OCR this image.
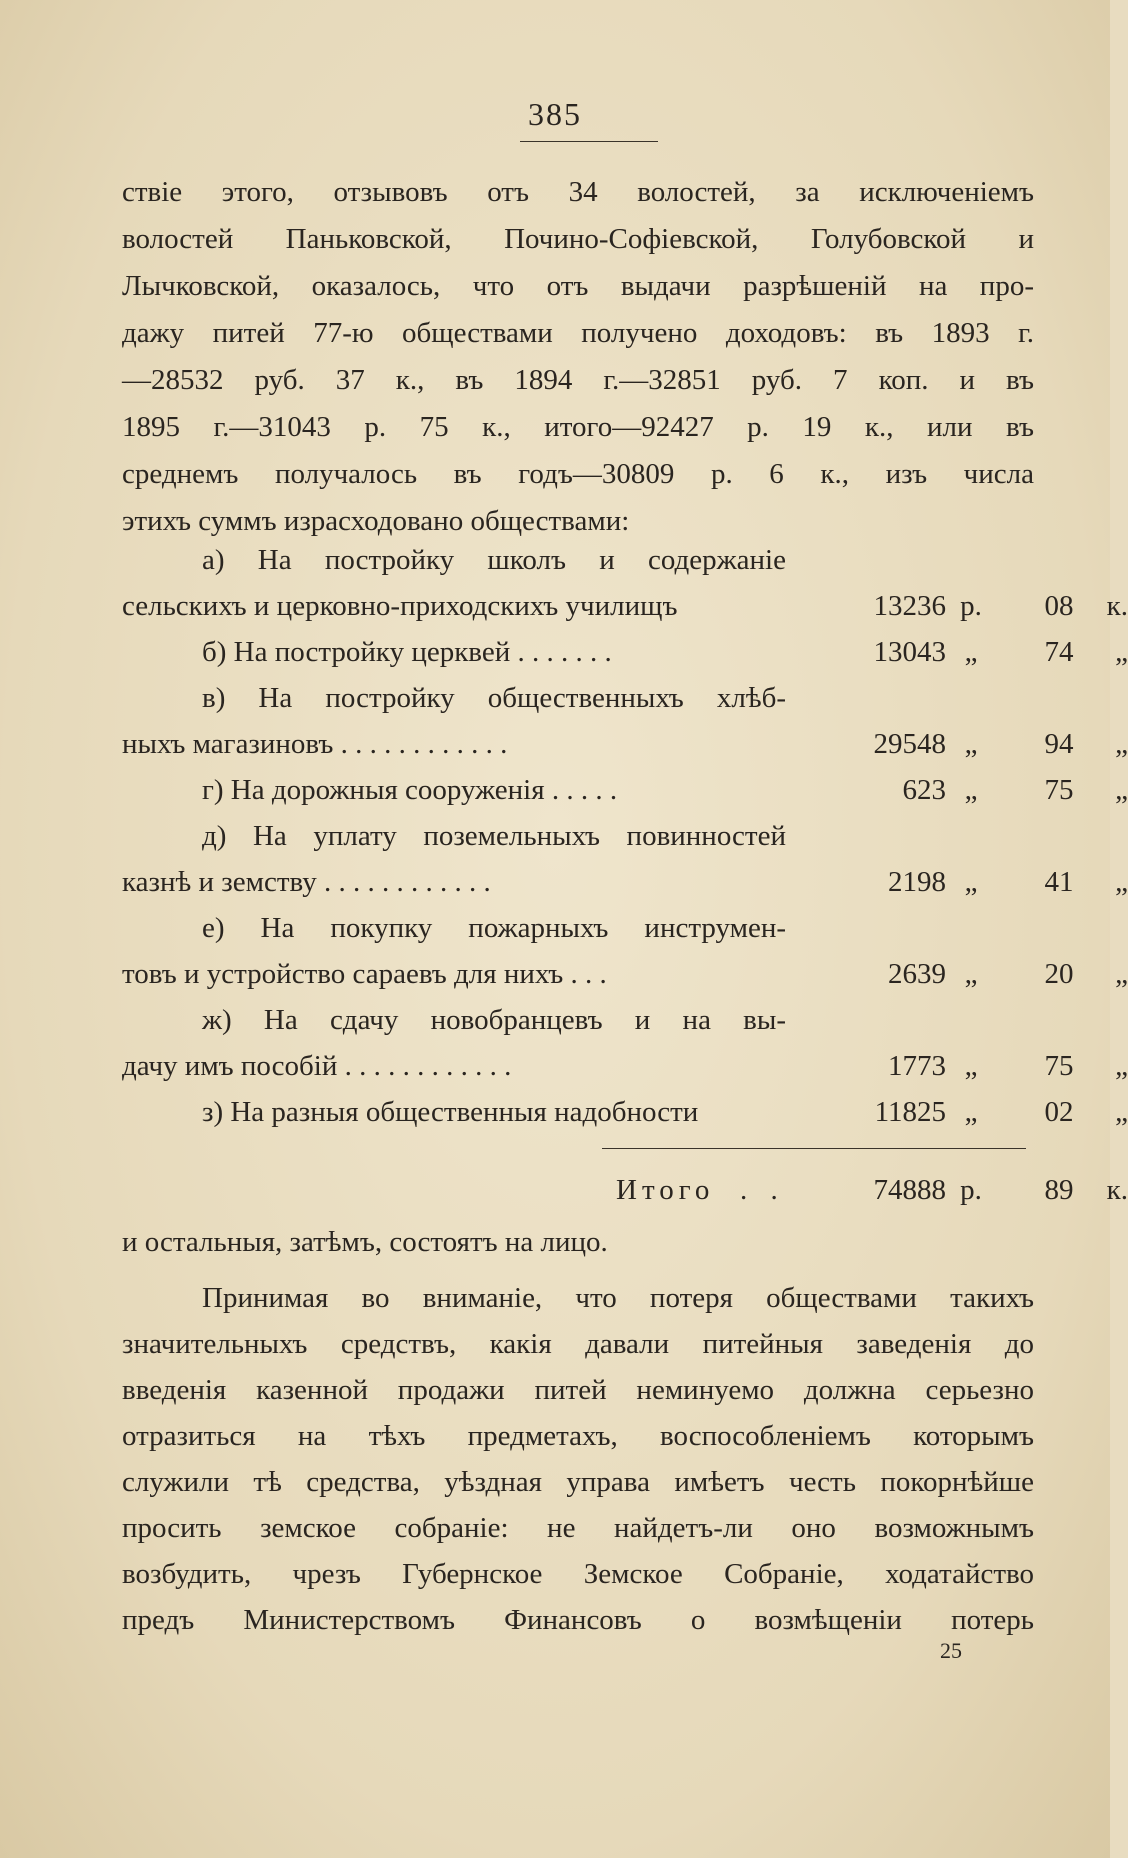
385
ствіе этого, отзывовъ отъ 34 волостей, за исключеніемъ
волостей Паньковской, Почино-Софіевской, Голубовской и
Лычковской, оказалось, что отъ выдачи разрѣшеній на про-
дажу питей 77-ю обществами получено доходовъ: въ 1893 г.
—28532 руб. 37 к., въ 1894 г.—32851 руб. 7 коп. и въ
1895 г.—31043 р. 75 к., итого—92427 р. 19 к., или въ
среднемъ получалось въ годъ—30809 р. 6 к., изъ числа
этихъ суммъ израсходовано обществами:
а) На постройку школъ и содержаніе
сельскихъ и церковно-приходскихъ училищъ	13236 р. 08 к.
б) На постройку церквей . . . . . . .	13043 „	74	„
в) На постройку общественныхъ хлѣб-
ныхъ магазиновъ . . . . . . . . . . . .	29548 „	94	„
г) На дорожныя сооруженія . . . . .	623 „	75	„
д) На уплату поземельныхъ повинностей
казнѣ и земству . . . . . . . . . . . .	2198 „	41	„
е) На покупку пожарныхъ инструмен-
товъ и устройство сараевъ для нихъ . . .	2639 „	20	„
ж) На сдачу новобранцевъ и на вы-
дачу имъ пособій . . . . . . . . . . . .	1773 „	75	„
з) На разныя общественныя надобности	11825 „	02	„
Итого . .	74888 р. 89 к.
и остальныя, затѣмъ, состоятъ на лицо.
Принимая во вниманіе, что потеря обществами такихъ
значительныхъ средствъ, какія давали питейныя заведенія до
введенія казенной продажи питей неминуемо должна серьезно
отразиться на тѣхъ предметахъ, воспособленіемъ которымъ
служили тѣ средства, уѣздная управа имѣетъ честь покорнѣйше
просить земское собраніе: не найдетъ-ли оно возможнымъ
возбудить, чрезъ Губернское Земское Собраніе, ходатайство
предъ Министерствомъ Финансовъ о возмѣщеніи потерь
25
